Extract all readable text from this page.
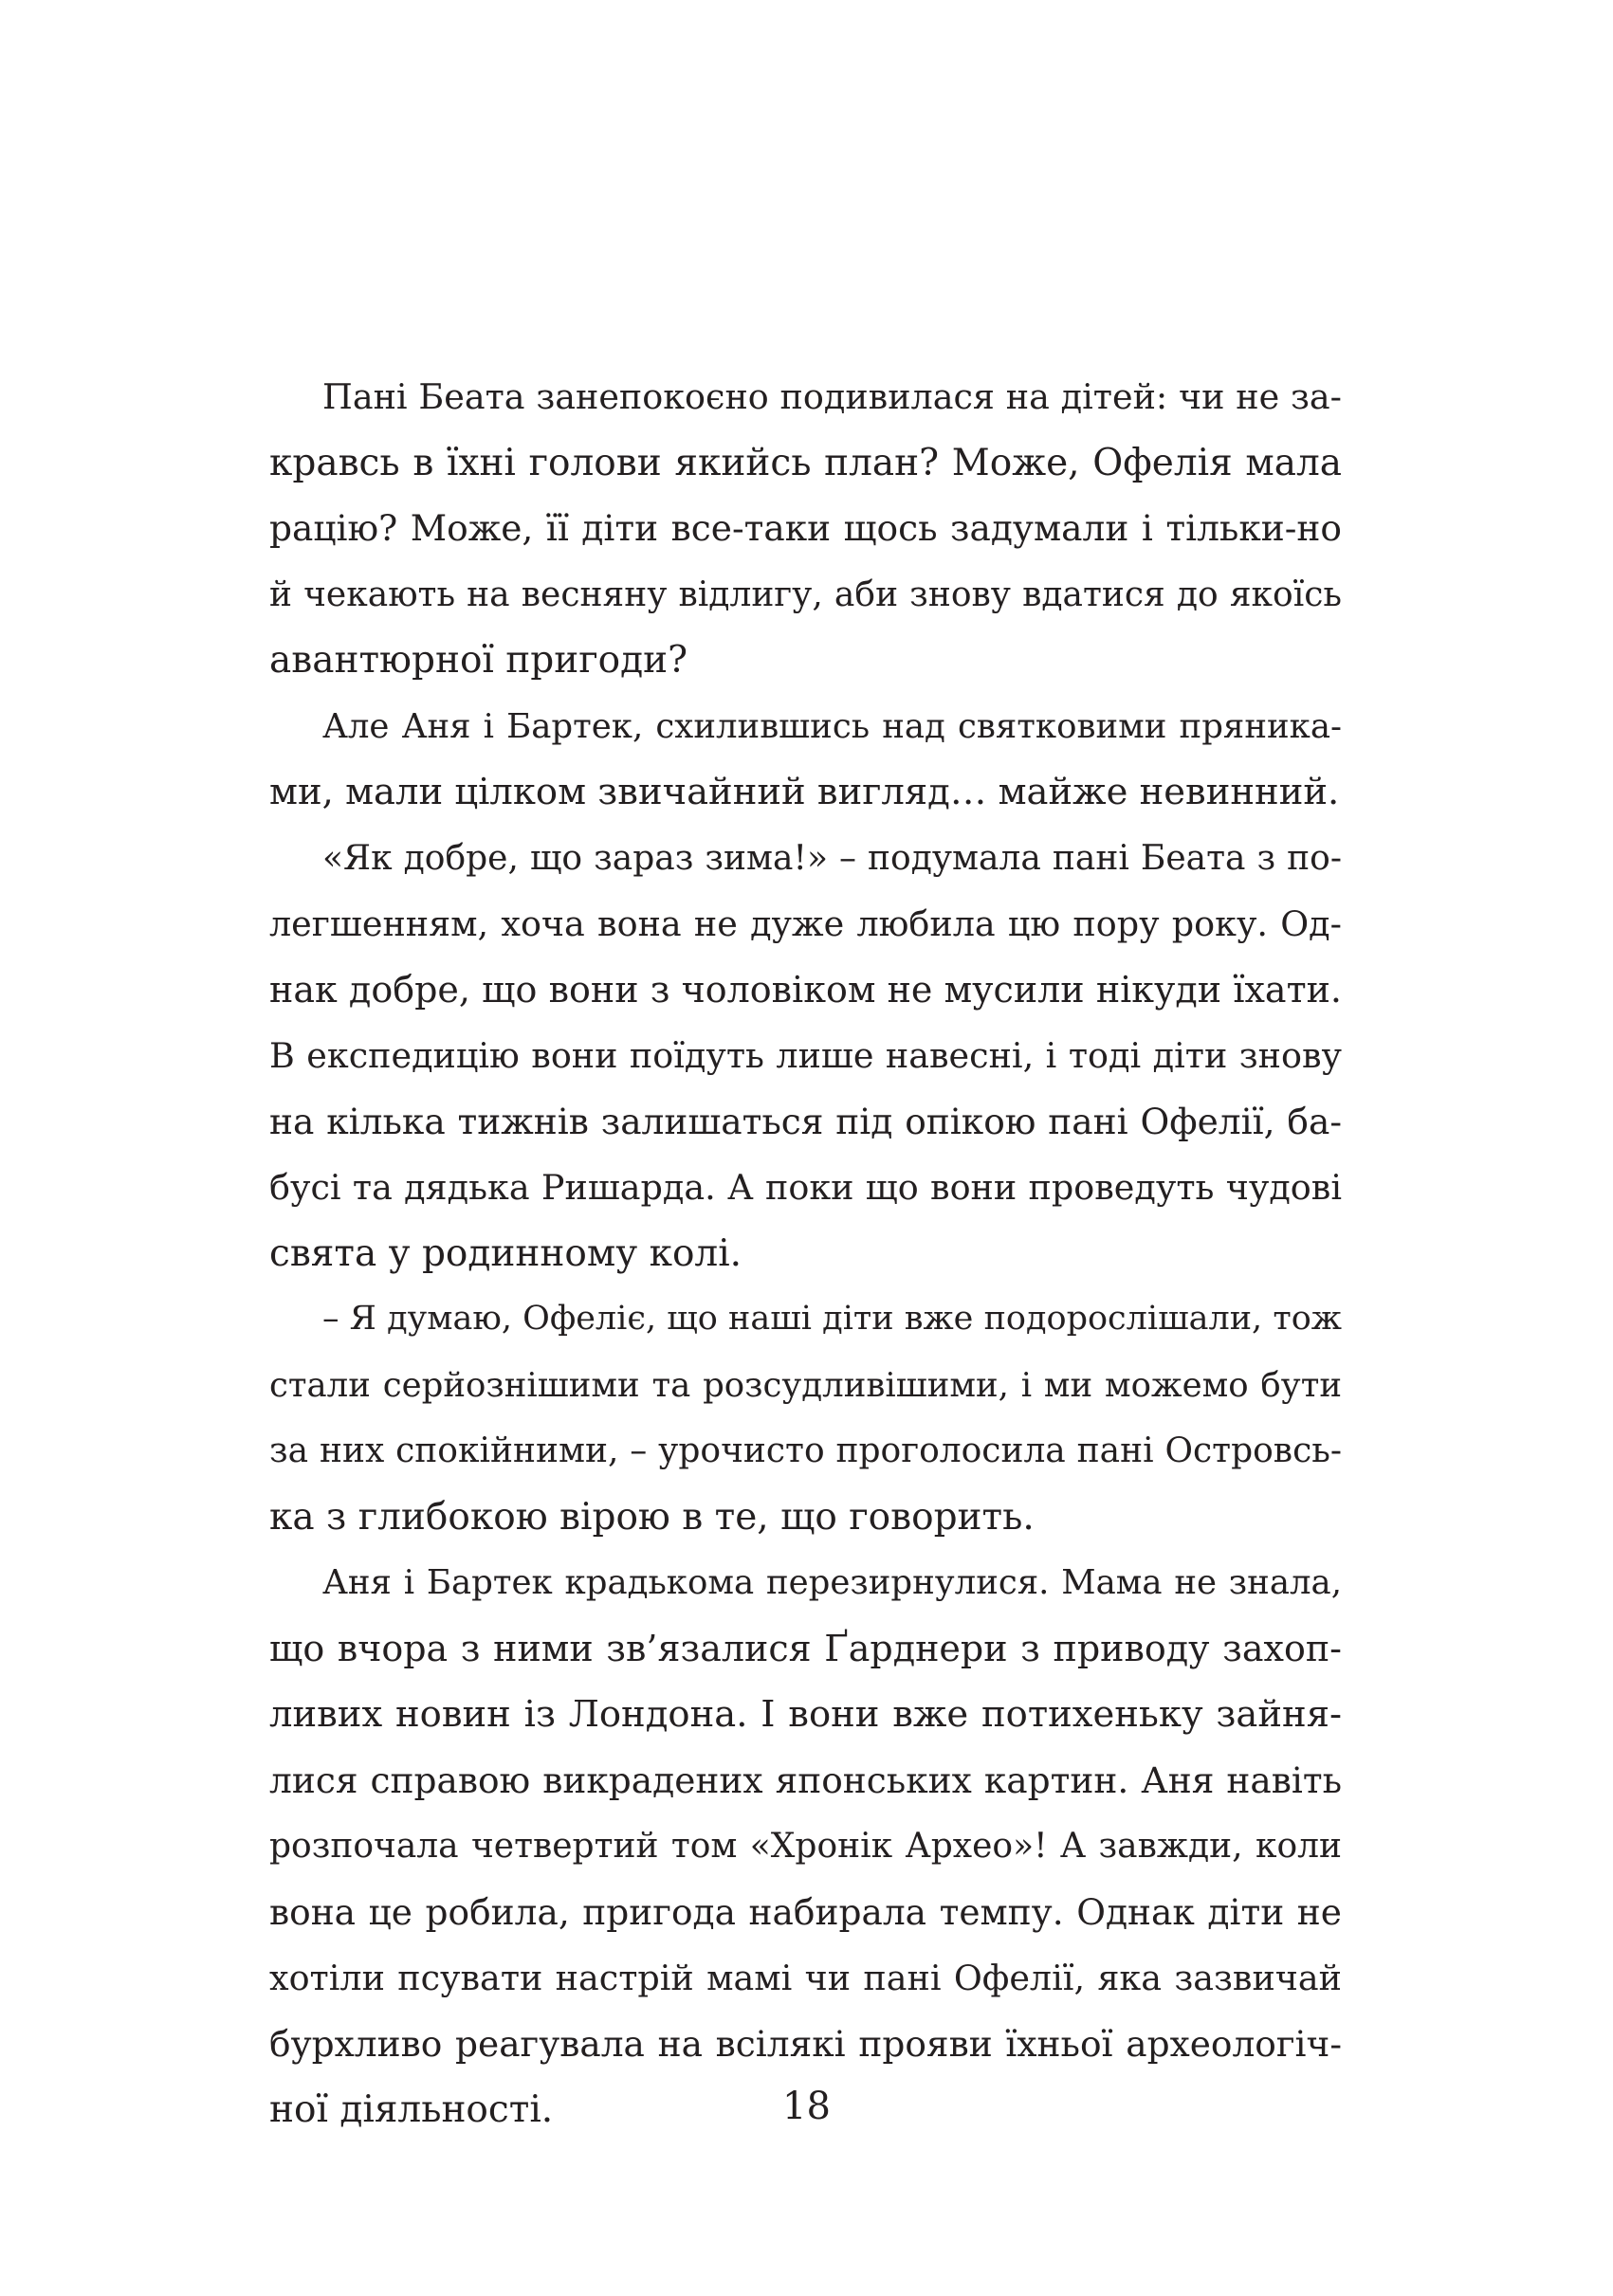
Пані Беата занепокоєно подивилася на дітей: чи не за-
кравсь в їхні голови якийсь план? Може, Офелія мала
рацію? Може, її діти все-таки щось задумали і тільки-но
й чекають на весняну відлигу, аби знову вдатися до якоїсь
авантюрної пригоди?
Але Аня і Бартек, схилившись над святковими пряника-
ми, мали цілком звичайний вигляд… майже невинний.
«Як добре, що зараз зима!» – подумала пані Беата з по-
легшенням, хоча вона не дуже любила цю пору року. Од-
нак добре, що вони з чоловіком не мусили нікуди їхати.
В експедицію вони поїдуть лише навесні, і тоді діти знову
на кілька тижнів залишаться під опікою пані Офелії, ба-
бусі та дядька Ришарда. А поки що вони проведуть чудові
свята у родинному колі.
– Я думаю, Офеліє, що наші діти вже подорослішали, тож
стали серйознішими та розсудливішими, і ми можемо бути
за них спокійними, – урочисто проголосила пані Островсь-
ка з глибокою вірою в те, що говорить.
Аня і Бартек крадькома перезирнулися. Мама не знала,
що вчора з ними зв’язалися Ґарднери з приводу захоп-
ливих новин із Лондона. І вони вже потихеньку зайня-
лися справою викрадених японських картин. Аня навіть
розпочала четвертий том «Хронік Археo»! А завжди, коли
вона це робила, пригода набирала темпу. Однак діти не
хотіли псувати настрій мамі чи пані Офелії, яка зазвичай
бурхливо реагувала на всілякі прояви їхньої археологіч-
ної діяльності.	18
